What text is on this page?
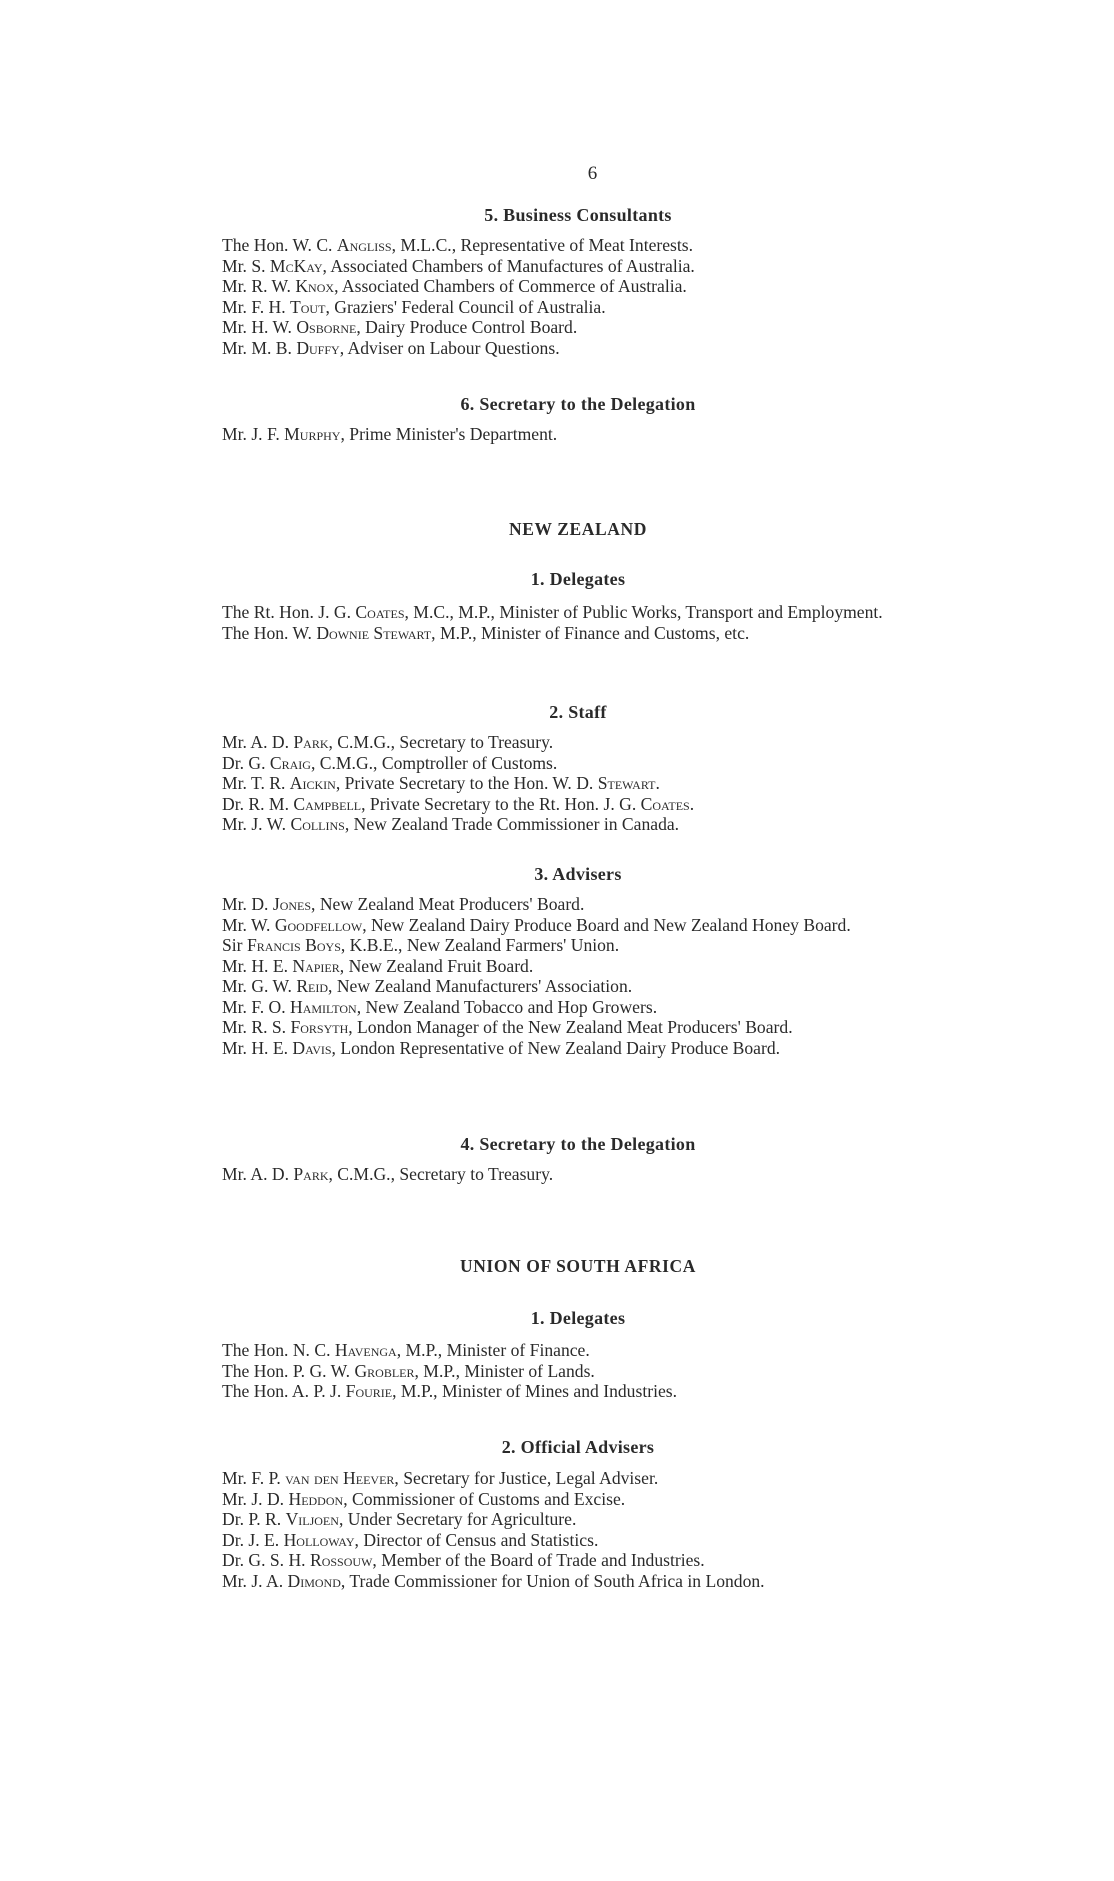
6
5. Business Consultants
The Hon. W. C. Angliss, M.L.C., Representative of Meat Interests.
Mr. S. McKay, Associated Chambers of Manufactures of Australia.
Mr. R. W. Knox, Associated Chambers of Commerce of Australia.
Mr. F. H. Tout, Graziers' Federal Council of Australia.
Mr. H. W. Osborne, Dairy Produce Control Board.
Mr. M. B. Duffy, Adviser on Labour Questions.
6. Secretary to the Delegation
Mr. J. F. Murphy, Prime Minister's Department.
NEW ZEALAND
1. Delegates
The Rt. Hon. J. G. Coates, M.C., M.P., Minister of Public Works, Transport and Employment.
The Hon. W. Downie Stewart, M.P., Minister of Finance and Customs, etc.
2. Staff
Mr. A. D. Park, C.M.G., Secretary to Treasury.
Dr. G. Craig, C.M.G., Comptroller of Customs.
Mr. T. R. Aickin, Private Secretary to the Hon. W. D. Stewart.
Dr. R. M. Campbell, Private Secretary to the Rt. Hon. J. G. Coates.
Mr. J. W. Collins, New Zealand Trade Commissioner in Canada.
3. Advisers
Mr. D. Jones, New Zealand Meat Producers' Board.
Mr. W. Goodfellow, New Zealand Dairy Produce Board and New Zealand Honey Board.
Sir Francis Boys, K.B.E., New Zealand Farmers' Union.
Mr. H. E. Napier, New Zealand Fruit Board.
Mr. G. W. Reid, New Zealand Manufacturers' Association.
Mr. F. O. Hamilton, New Zealand Tobacco and Hop Growers.
Mr. R. S. Forsyth, London Manager of the New Zealand Meat Producers' Board.
Mr. H. E. Davis, London Representative of New Zealand Dairy Produce Board.
4. Secretary to the Delegation
Mr. A. D. Park, C.M.G., Secretary to Treasury.
UNION OF SOUTH AFRICA
1. Delegates
The Hon. N. C. Havenga, M.P., Minister of Finance.
The Hon. P. G. W. Grobler, M.P., Minister of Lands.
The Hon. A. P. J. Fourie, M.P., Minister of Mines and Industries.
2. Official Advisers
Mr. F. P. van den Heever, Secretary for Justice, Legal Adviser.
Mr. J. D. Heddon, Commissioner of Customs and Excise.
Dr. P. R. Viljoen, Under Secretary for Agriculture.
Dr. J. E. Holloway, Director of Census and Statistics.
Dr. G. S. H. Rossouw, Member of the Board of Trade and Industries.
Mr. J. A. Dimond, Trade Commissioner for Union of South Africa in London.
